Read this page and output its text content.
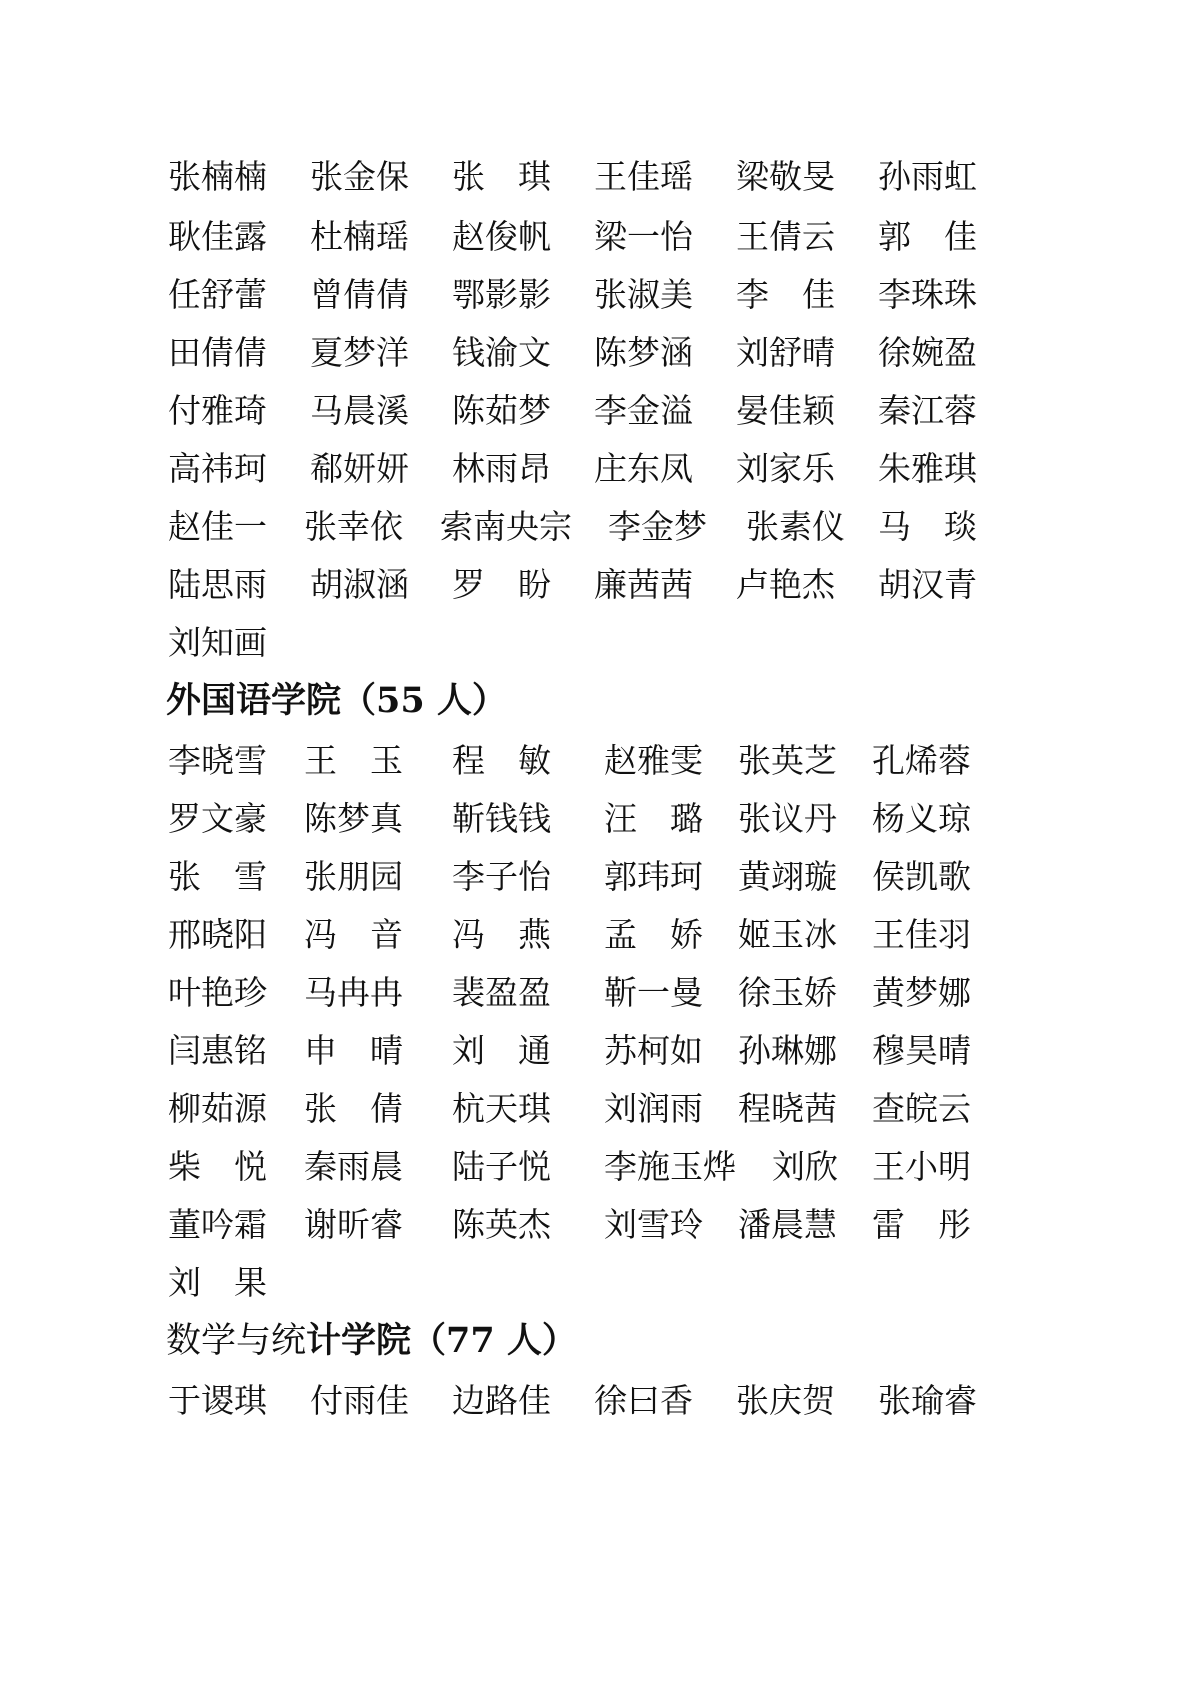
张楠楠 张金保 张　琪 王佳瑶 梁敬旻 孙雨虹
耿佳露 杜楠瑶 赵俊帆 梁一怡 王倩云 郭　佳
任舒蕾 曾倩倩 鄂影影 张淑美 李　佳 李珠珠
田倩倩 夏梦洋 钱渝文 陈梦涵 刘舒晴 徐婉盈
付雅琦 马晨溪 陈茹梦 李金溢 晏佳颖 秦江蓉
高祎珂 郗妍妍 林雨昂 庄东凤 刘家乐 朱雅琪
赵佳一 张幸依 索南央宗 李金梦 张素仪 马　琰
陆思雨 胡淑涵 罗　盼 廉茜茜 卢艳杰 胡汉青
刘知画
外国语学院（55 人）
李晓雪 王　玉 程　敏 赵雅雯 张英芝 孔烯蓉
罗文豪 陈梦真 靳钱钱 汪　璐 张议丹 杨义琼
张　雪 张朋园 李子怡 郭玮珂 黄翊璇 侯凯歌
邢晓阳 冯　音 冯　燕 孟　娇 姬玉冰 王佳羽
叶艳珍 马冉冉 裴盈盈 靳一曼 徐玉娇 黄梦娜
闫惠铭 申　晴 刘　通 苏柯如 孙琳娜 穆昊晴
柳茹源 张　倩 杭天琪 刘润雨 程晓茜 查皖云
柴　悦 秦雨晨 陆子悦 李施玉烨 刘欣 王小明
董吟霜 谢昕睿 陈英杰 刘雪玲 潘晨慧 雷　彤
刘　果
数学与统计学院（77 人）
于谡琪 付雨佳 边路佳 徐曰香 张庆贺 张瑜睿
